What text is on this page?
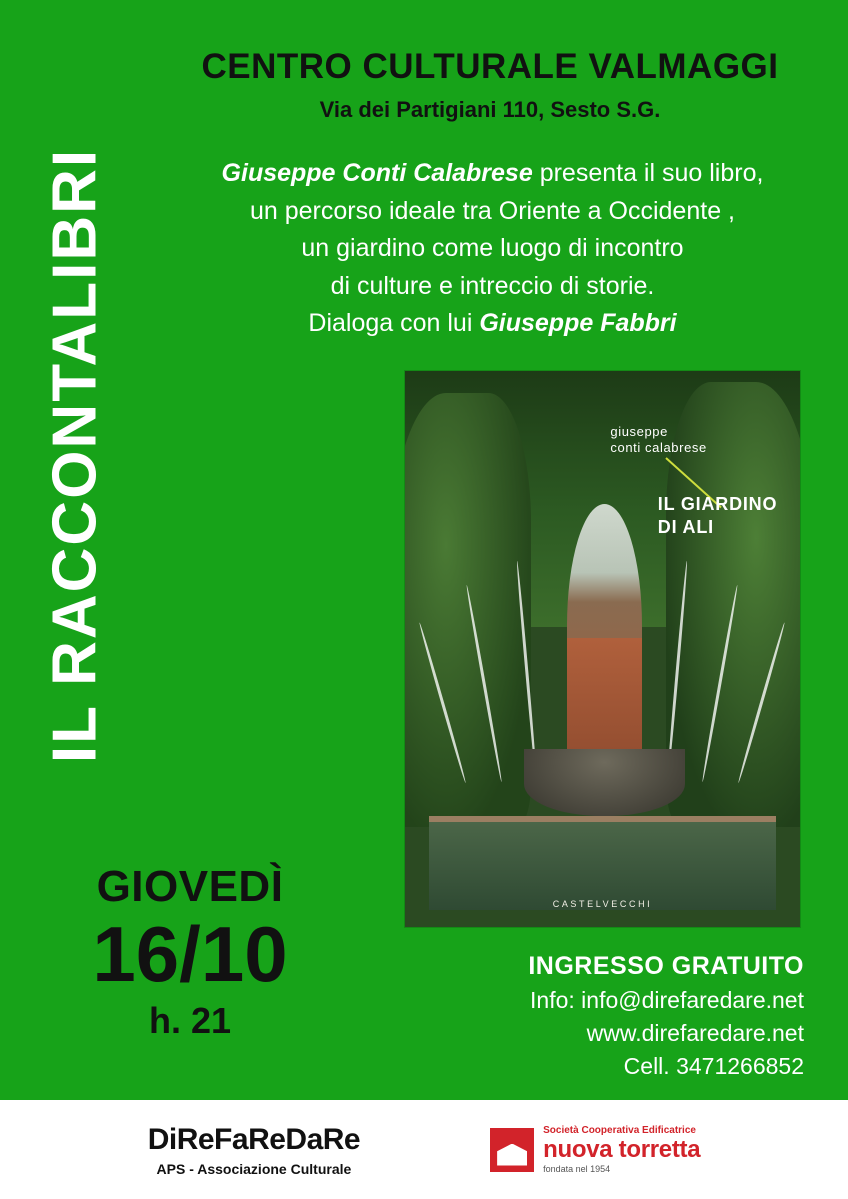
IL RACCONTALIBRI
CENTRO CULTURALE VALMAGGI
Via dei Partigiani 110, Sesto S.G.
Giuseppe Conti Calabrese presenta il suo libro,
un percorso ideale tra Oriente a Occidente ,
un giardino come luogo di incontro
di culture e intreccio di storie.
Dialoga con lui Giuseppe Fabbri
giuseppe
conti calabrese
IL GIARDINO
DI ALI
CASTELVECCHI
GIOVEDÌ
16/10
h. 21
INGRESSO GRATUITO
Info: info@direfaredare.net
www.direfaredare.net
Cell. 3471266852
DiReFaReDaRe
APS - Associazione Culturale
Società Cooperativa Edificatrice
nuova torretta
fondata nel 1954
